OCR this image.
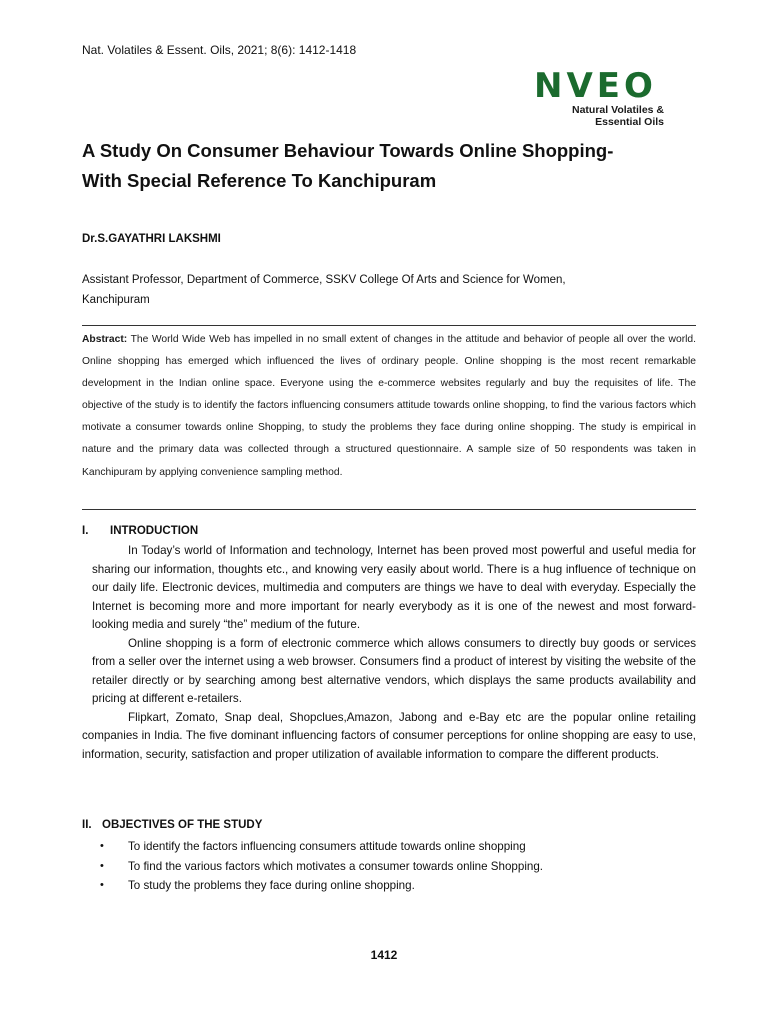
Nat. Volatiles & Essent. Oils, 2021; 8(6): 1412-1418
NVEO
Natural Volatiles &
Essential Oils
A Study On Consumer Behaviour Towards Online Shopping-
With Special Reference To Kanchipuram
Dr.S.GAYATHRI LAKSHMI
Assistant Professor, Department of Commerce, SSKV College Of Arts and Science for Women,
Kanchipuram
Abstract: The World Wide Web has impelled in no small extent of changes in the attitude and behavior of people all over the world. Online shopping has emerged which influenced the lives of ordinary people. Online shopping is the most recent remarkable development in the Indian online space. Everyone using the e-commerce websites regularly and buy the requisites of life. The objective of the study is to identify the factors influencing consumers attitude towards online shopping, to find the various factors which motivate a consumer towards online Shopping, to study the problems they face during online shopping. The study is empirical in nature and the primary data was collected through a structured questionnaire. A sample size of 50 respondents was taken in Kanchipuram by applying convenience sampling method.
I. INTRODUCTION

In Today’s world of Information and technology, Internet has been proved most powerful and useful media for sharing our information, thoughts etc., and knowing very easily about world. There is a hug influence of technique on our daily life. Electronic devices, multimedia and computers are things we have to deal with everyday. Especially the Internet is becoming more and more important for nearly everybody as it is one of the newest and most forward-looking media and surely “the” medium of the future.

Online shopping is a form of electronic commerce which allows consumers to directly buy goods or services from a seller over the internet using a web browser. Consumers find a product of interest by visiting the website of the retailer directly or by searching among best alternative vendors, which displays the same products availability and pricing at different e-retailers.

Flipkart, Zomato, Snap deal, Shopclues,Amazon, Jabong and e-Bay etc are the popular online retailing companies in India. The five dominant influencing factors of consumer perceptions for online shopping are easy to use, information, security, satisfaction and proper utilization of available information to compare the different products.

II. OBJECTIVES OF THE STUDY
•	To identify the factors influencing consumers attitude towards online shopping
•	To find the various factors which motivates a consumer towards online Shopping.
•	To study the problems they face during online shopping.
1412
